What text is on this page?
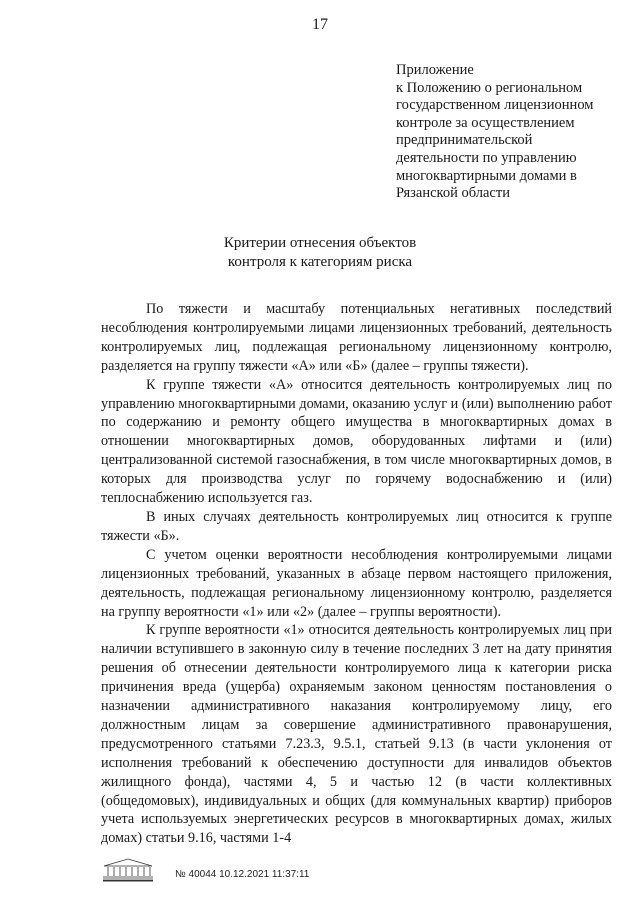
17
Приложение
к Положению о региональном
государственном лицензионном
контроле за осуществлением
предпринимательской
деятельности по управлению
многоквартирными домами в
Рязанской области
Критерии отнесения объектов
контроля к категориям риска

По тяжести и масштабу потенциальных негативных последствий несоблюдения контролируемыми лицами лицензионных требований, деятельность контролируемых лиц, подлежащая региональному лицензионному контролю, разделяется на группу тяжести «А» или «Б» (далее – группы тяжести).

К группе тяжести «А» относится деятельность контролируемых лиц по управлению многоквартирными домами, оказанию услуг и (или) выполнению работ по содержанию и ремонту общего имущества в многоквартирных домах в отношении многоквартирных домов, оборудованных лифтами и (или) централизованной системой газоснабжения, в том числе многоквартирных домов, в которых для производства услуг по горячему водоснабжению и (или) теплоснабжению используется газ.

В иных случаях деятельность контролируемых лиц относится к группе тяжести «Б».

С учетом оценки вероятности несоблюдения контролируемыми лицами лицензионных требований, указанных в абзаце первом настоящего приложения, деятельность, подлежащая региональному лицензионному контролю, разделяется на группу вероятности «1» или «2» (далее – группы вероятности).

К группе вероятности «1» относится деятельность контролируемых лиц при наличии вступившего в законную силу в течение последних 3 лет на дату принятия решения об отнесении деятельности контролируемого лица к категории риска причинения вреда (ущерба) охраняемым законом ценностям постановления о назначении административного наказания контролируемому лицу, его должностным лицам за совершение административного правонарушения, предусмотренного статьями 7.23.3, 9.5.1, статьей 9.13 (в части уклонения от исполнения требований к обеспечению доступности для инвалидов объектов жилищного фонда), частями 4, 5 и частью 12 (в части коллективных (общедомовых), индивидуальных и общих (для коммунальных квартир) приборов учета используемых энергетических ресурсов в многоквартирных домах, жилых домах) статьи 9.16, частями 1-4

№ 40044 10.12.2021 11:37:11
